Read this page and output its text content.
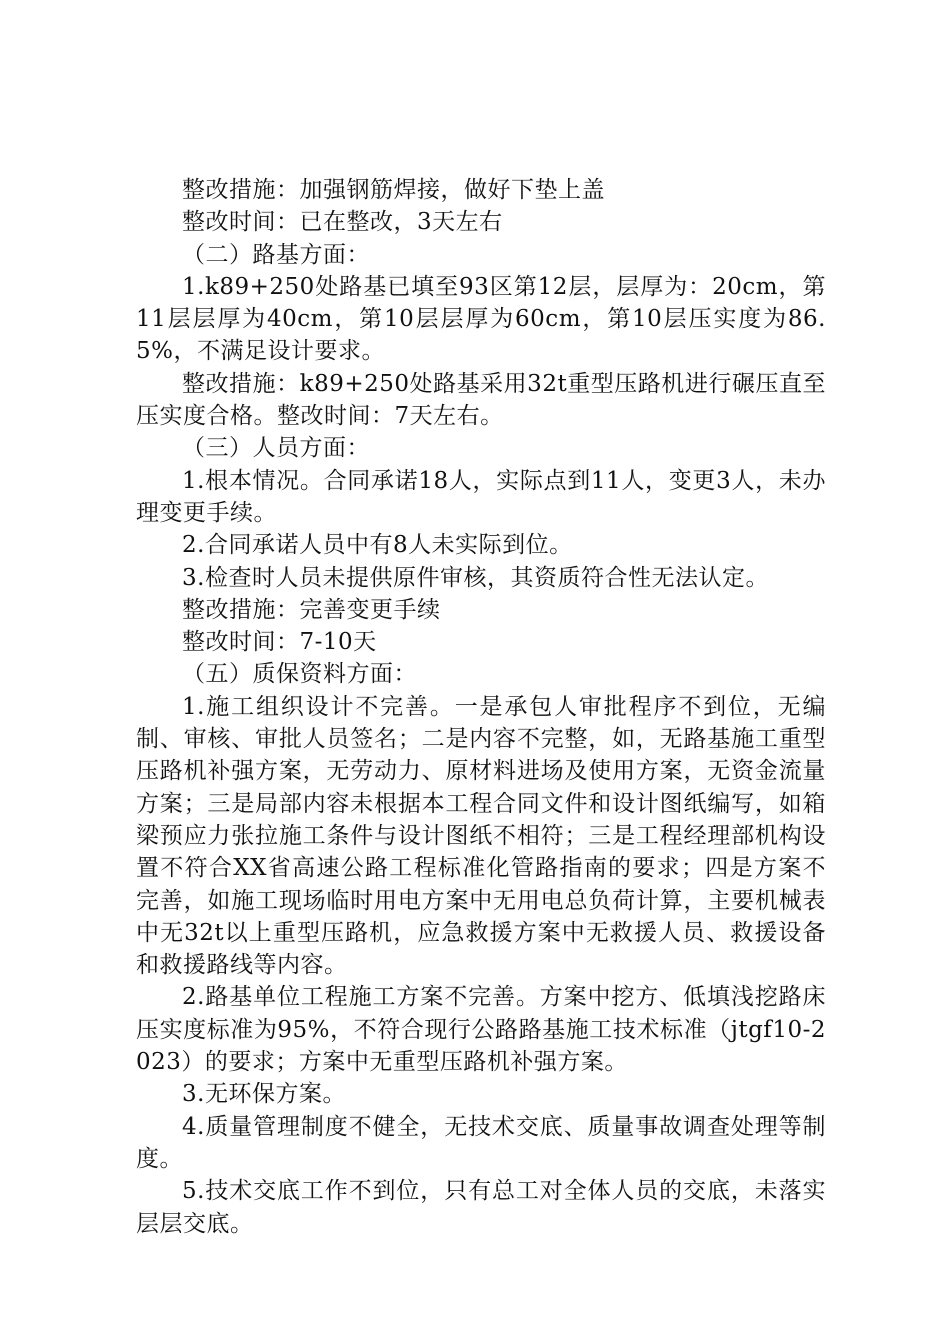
整改措施：加强钢筋焊接，做好下垫上盖

整改时间：已在整改，3天左右

（二）路基方面：

1.k89+250处路基已填至93区第12层，层厚为：20cm，第11层层厚为40cm，第10层层厚为60cm，第10层压实度为86.5%，不满足设计要求。

整改措施：k89+250处路基采用32t重型压路机进行碾压直至压实度合格。整改时间：7天左右。

（三）人员方面：

1.根本情况。合同承诺18人，实际点到11人，变更3人，未办理变更手续。

2.合同承诺人员中有8人未实际到位。

3.检查时人员未提供原件审核，其资质符合性无法认定。

整改措施：完善变更手续

整改时间：7-10天

（五）质保资料方面：

1.施工组织设计不完善。一是承包人审批程序不到位，无编制、审核、审批人员签名；二是内容不完整，如，无路基施工重型压路机补强方案，无劳动力、原材料进场及使用方案，无资金流量方案；三是局部内容未根据本工程合同文件和设计图纸编写，如箱梁预应力张拉施工条件与设计图纸不相符；三是工程经理部机构设置不符合XX省高速公路工程标准化管路指南的要求；四是方案不完善，如施工现场临时用电方案中无用电总负荷计算，主要机械表中无32t以上重型压路机，应急救援方案中无救援人员、救援设备和救援路线等内容。

2.路基单位工程施工方案不完善。方案中挖方、低填浅挖路床压实度标准为95%，不符合现行公路路基施工技术标准（jtgf10-2023）的要求；方案中无重型压路机补强方案。

3.无环保方案。

4.质量管理制度不健全，无技术交底、质量事故调查处理等制度。

5.技术交底工作不到位，只有总工对全体人员的交底，未落实层层交底。
